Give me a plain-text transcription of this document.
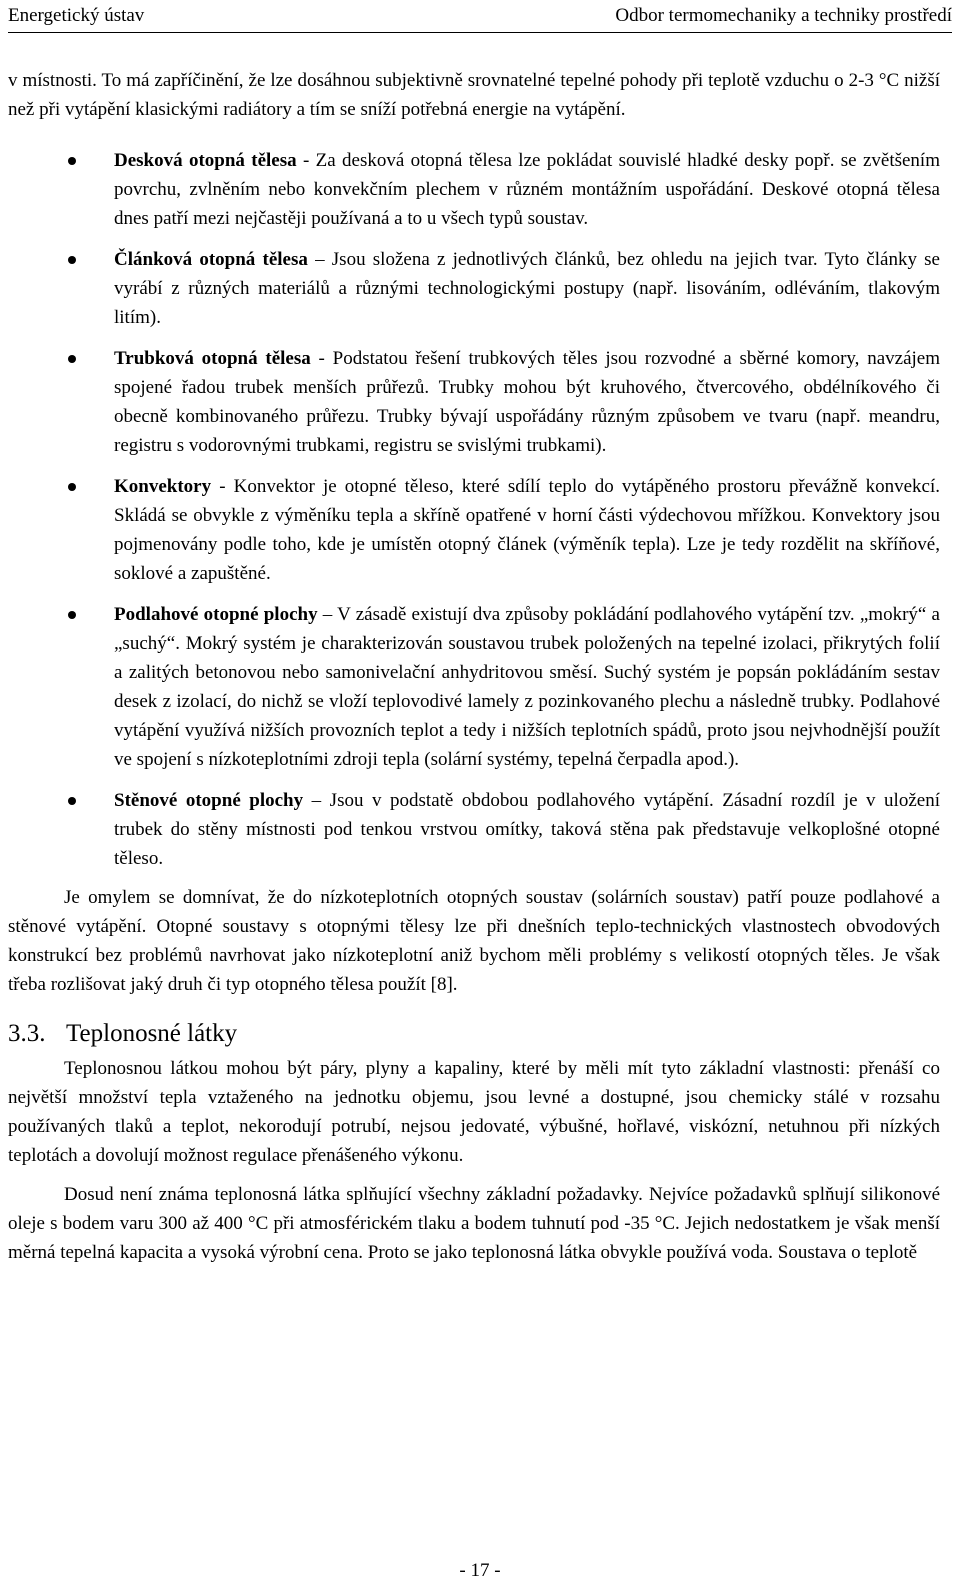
Energetický ústav	Odbor termomechaniky a techniky prostředí

v místnosti. To má zapříčinění, že lze dosáhnou subjektivně srovnatelné tepelné pohody při teplotě vzduchu o 2-3 °C nižší než při vytápění klasickými radiátory a tím se sníží potřebná energie na vytápění.

Desková otopná tělesa - Za desková otopná tělesa lze pokládat souvislé hladké desky popř. se zvětšením povrchu, zvlněním nebo konvekčním plechem v různém montážním uspořádání. Deskové otopná tělesa dnes patří mezi nejčastěji používaná a to u všech typů soustav.
Článková otopná tělesa – Jsou složena z jednotlivých článků, bez ohledu na jejich tvar. Tyto články se vyrábí z různých materiálů a různými technologickými postupy (např. lisováním, odléváním, tlakovým litím).
Trubková otopná tělesa - Podstatou řešení trubkových těles jsou rozvodné a sběrné komory, navzájem spojené řadou trubek menších průřezů. Trubky mohou být kruhového, čtvercového, obdélníkového či obecně kombinovaného průřezu. Trubky bývají uspořádány různým způsobem ve tvaru (např. meandru, registru s vodorovnými trubkami, registru se svislými trubkami).
Konvektory - Konvektor je otopné těleso, které sdílí teplo do vytápěného prostoru převážně konvekcí. Skládá se obvykle z výměníku tepla a skříně opatřené v horní části výdechovou mřížkou. Konvektory jsou pojmenovány podle toho, kde je umístěn otopný článek (výměník tepla). Lze je tedy rozdělit na skříňové, soklové a zapuštěné.
Podlahové otopné plochy – V zásadě existují dva způsoby pokládání podlahového vytápění tzv. „mokrý“ a „suchý“. Mokrý systém je charakterizován soustavou trubek položených na tepelné izolaci, přikrytých folií a zalitých betonovou nebo samonivelační anhydritovou směsí. Suchý systém je popsán pokládáním sestav desek z izolací, do nichž se vloží teplovodivé lamely z pozinkovaného plechu a následně trubky. Podlahové vytápění využívá nižších provozních teplot a tedy i nižších teplotních spádů, proto jsou nejvhodnější použít ve spojení s nízkoteplotními zdroji tepla (solární systémy, tepelná čerpadla apod.).
Stěnové otopné plochy – Jsou v podstatě obdobou podlahového vytápění. Zásadní rozdíl je v uložení trubek do stěny místnosti pod tenkou vrstvou omítky, taková stěna pak představuje velkoplošné otopné těleso.

Je omylem se domnívat, že do nízkoteplotních otopných soustav (solárních soustav) patří pouze podlahové a stěnové vytápění. Otopné soustavy s otopnými tělesy lze při dnešních teplo-technických vlastnostech obvodových konstrukcí bez problémů navrhovat jako nízkoteplotní aniž bychom měli problémy s velikostí otopných těles. Je však třeba rozlišovat jaký druh či typ otopného tělesa použít [8].

3.3. Teplonosné látky

Teplonosnou látkou mohou být páry, plyny a kapaliny, které by měli mít tyto základní vlastnosti: přenáší co největší množství tepla vztaženého na jednotku objemu, jsou levné a dostupné, jsou chemicky stálé v rozsahu používaných tlaků a teplot, nekorodují potrubí, nejsou jedovaté, výbušné, hořlavé, viskózní, netuhnou při nízkých teplotách a dovolují možnost regulace přenášeného výkonu.

Dosud není známa teplonosná látka splňující všechny základní požadavky. Nejvíce požadavků splňují silikonové oleje s bodem varu 300 až 400 °C při atmosférickém tlaku a bodem tuhnutí pod -35 °C. Jejich nedostatkem je však menší měrná tepelná kapacita a vysoká výrobní cena. Proto se jako teplonosná látka obvykle používá voda. Soustava o teplotě

- 17 -
